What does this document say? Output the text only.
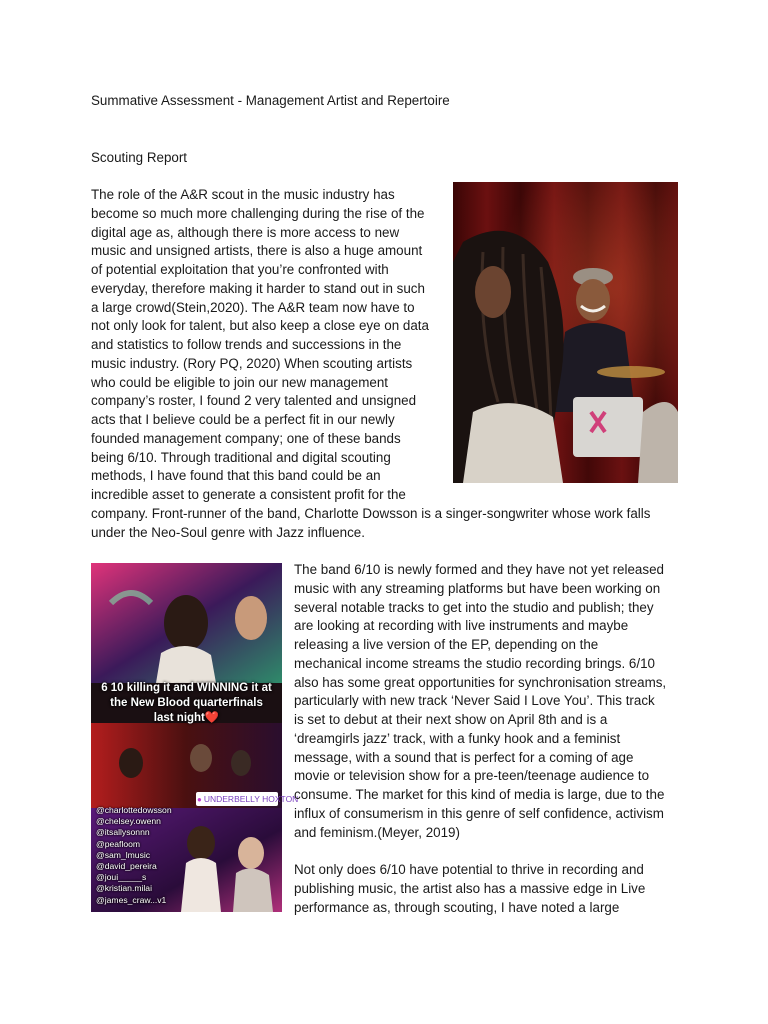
Summative Assessment - Management Artist and Repertoire
Scouting Report
The role of the A&R scout in the music industry has
become so much more challenging during the rise of the
digital age as, although there is more access to new
music and unsigned artists, there is also a huge amount
of potential exploitation that you’re confronted with
everyday, therefore making it harder to stand out in such
a large crowd(Stein,2020). The A&R team now have to
not only look for talent, but also keep a close eye on data
and statistics to follow trends and successions in the
music industry. (Rory PQ, 2020) When scouting artists
who could be eligible to join our new management
company’s roster, I found 2 very talented and unsigned
acts that I believe could be a perfect fit in our newly
founded management company; one of these bands
being 6/10. Through traditional and digital scouting
methods, I have found that this band could be an
incredible asset to generate a consistent profit for the
company. Front-runner of the band, Charlotte Dowsson is a singer-songwriter whose work falls
under the Neo-Soul genre with Jazz influence.
6 10 killing it and WINNING it at
the New Blood quarterfinals
last night❤️
● UNDERBELLY HOXTON
@charlottedowsson
@chelsey.owenn
@itsallysonnn
@peafloom
@sam_lmusic
@david_pereira
@joui_____s
@kristian.milai
@james_craw...v1
The band 6/10 is newly formed and they have not yet released
music with any streaming platforms but have been working on
several notable tracks to get into the studio and publish; they
are looking at recording with live instruments and maybe
releasing a live version of the EP, depending on the
mechanical income streams the studio recording brings. 6/10
also has some great opportunities for synchronisation streams,
particularly with new track ‘Never Said I Love You’. This track
is set to debut at their next show on April 8th and is a
‘dreamgirls jazz’ track, with a funky hook and a feminist
message, with a sound that is perfect for a coming of age
movie or television show for a pre-teen/teenage audience to
consume. The market for this kind of media is large, due to the
influx of consumerism in this genre of self confidence, activism
and feminism.(Meyer, 2019)
Not only does 6/10 have potential to thrive in recording and
publishing music, the artist also has a massive edge in Live
performance as, through scouting, I have noted a large
